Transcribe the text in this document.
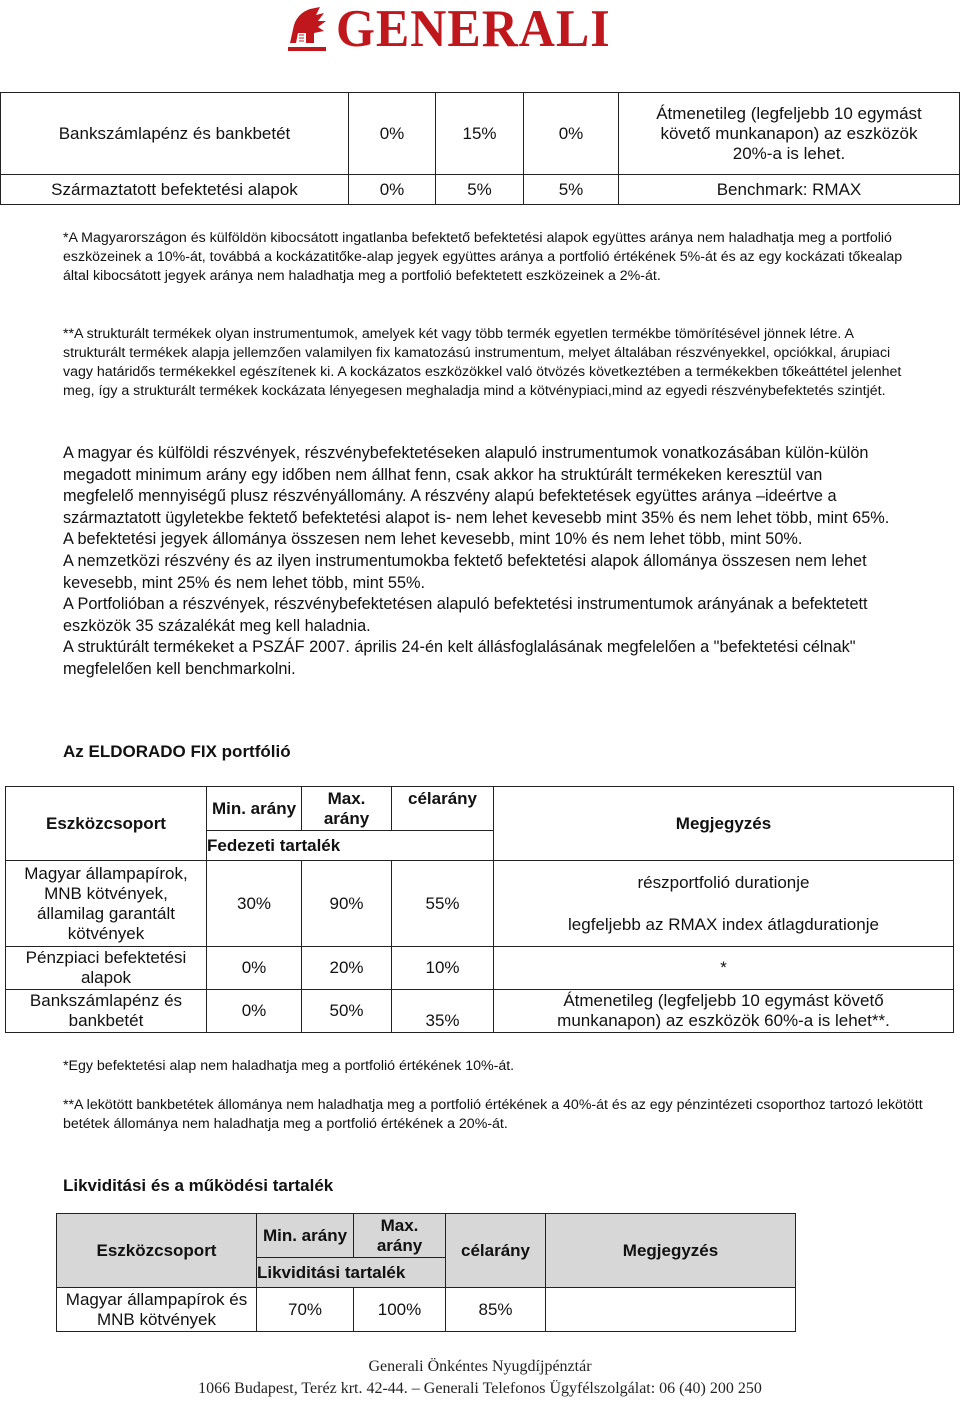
GENERALI
Bankszámlapénz és bankbetét	0%	15%	0%	Átmenetileg (legfeljebb 10 egymást követő munkanapon) az eszközök 20%-a is lehet.
Származtatott befektetési alapok	0%	5%	5%	Benchmark: RMAX
*A Magyarországon és külföldön kibocsátott ingatlanba befektető befektetési alapok együttes aránya nem haladhatja meg a portfolió eszközeinek a 10%-át, továbbá a kockázatitőke-alap jegyek együttes aránya a portfolió értékének 5%-át és az egy kockázati tőkealap által kibocsátott jegyek aránya nem haladhatja meg a portfolió befektetett eszközeinek a 2%-át.
**A strukturált termékek olyan instrumentumok, amelyek két vagy több termék egyetlen termékbe tömörítésével jönnek létre. A strukturált termékek alapja jellemzően valamilyen fix kamatozású instrumentum, melyet általában részvényekkel, opciókkal, árupiaci vagy határidős termékekkel egészítenek ki. A kockázatos eszközökkel való ötvözés következtében a termékekben tőkeáttétel jelenhet meg, így a strukturált termékek kockázata lényegesen meghaladja mind a kötvénypiaci,mind az egyedi részvénybefektetés szintjét.

A magyar és külföldi részvények, részvénybefektetéseken alapuló instrumentumok vonatkozásában külön-külön megadott minimum arány egy időben nem állhat fenn, csak akkor ha struktúrált termékeken keresztül van megfelelő mennyiségű plusz részvényállomány. A részvény alapú befektetések együttes aránya –ideértve a származtatott ügyletekbe fektető befektetési alapot is- nem lehet kevesebb mint 35% és nem lehet több, mint 65%.

A befektetési jegyek állománya összesen nem lehet kevesebb, mint 10% és nem lehet több, mint 50%.

A nemzetközi részvény és az ilyen instrumentumokba fektető befektetési alapok állománya összesen nem lehet kevesebb, mint 25% és nem lehet több, mint 55%.

A Portfolióban a részvények, részvénybefektetésen alapuló befektetési instrumentumok arányának a befektetett eszközök 35 százalékát meg kell haladnia.

A struktúrált termékeket a PSZÁF 2007. április 24-én kelt állásfoglalásának megfelelően a "befektetési célnak" megfelelően kell benchmarkolni.

Az ELDORADO FIX portfólió
Eszközcsoport	Min. arány	Max. arány	célarány	Megjegyzés
	Fedezeti tartalék			
Magyar állampapírok, MNB kötvények, államilag garantált kötvények	30%	90%	55%	részportfolió durationje
legfeljebb az RMAX index átlagdurationje

Pénzpiaci befektetési alapok	0%	20%	10%	*
Bankszámlapénz és bankbetét	0%	50%	35%	Átmenetileg (legfeljebb 10 egymást követő munkanapon) az eszközök 60%-a is lehet**.
*Egy befektetési alap nem haladhatja meg a portfolió értékének 10%-át.
**A lekötött bankbetétek állománya nem haladhatja meg a portfolió értékének a 40%-át és az egy pénzintézeti csoporthoz tartozó lekötött betétek állománya nem haladhatja meg a portfolió értékének a 20%-át.
Likviditási és a működési tartalék
Eszközcsoport	Min. arány	Max. arány	célarány	Megjegyzés
	Likviditási tartalék			
Magyar állampapírok és MNB kötvények	70%	100%	85%	
Generali Önkéntes Nyugdíjpénztár
1066 Budapest, Teréz krt. 42-44. – Generali Telefonos Ügyfélszolgálat: 06 (40) 200 250
